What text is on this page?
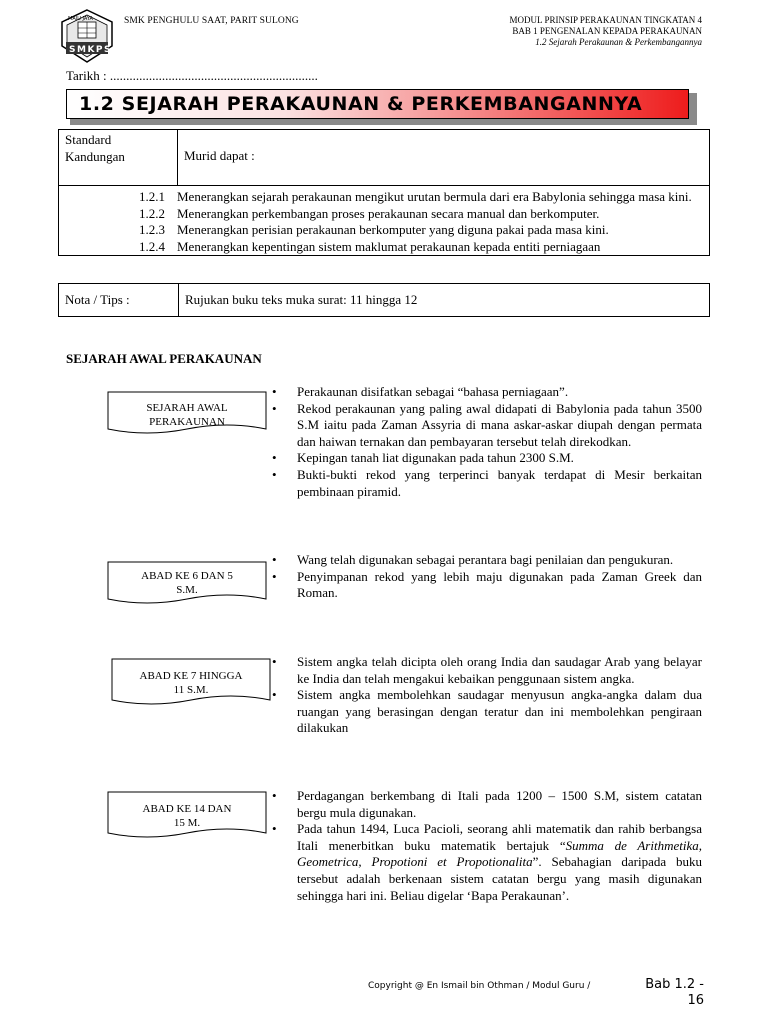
MAJU JAYA
SMKPS
SMK PENGHULU SAAT, PARIT SULONG	MODUL PRINSIP PERAKAUNAN TINGKATAN 4
BAB 1 PENGENALAN KEPADA PERAKAUNAN
1.2 Sejarah Perakaunan & Perkembangannya
Tarikh : ................................................................
1.2 SEJARAH PERAKAUNAN & PERKEMBANGANNYA
Standard Kandungan	Murid dapat :

1.2.1 Menerangkan sejarah perakaunan mengikut urutan bermula dari era Babylonia sehingga masa kini.
1.2.2 Menerangkan perkembangan proses perakaunan secara manual dan berkomputer.
1.2.3 Menerangkan perisian perakaunan berkomputer yang diguna pakai pada masa kini.
1.2.4 Menerangkan kepentingan sistem maklumat perakaunan kepada entiti perniagaan
Nota / Tips :	Rujukan buku teks muka surat: 11 hingga 12
SEJARAH AWAL PERAKAUNAN
SEJARAH AWAL
PERAKAUNAN
• Perakaunan disifatkan sebagai “bahasa perniagaan”.
• Rekod perakaunan yang paling awal didapati di Babylonia pada tahun 3500 S.M iaitu pada Zaman Assyria di mana askar-askar diupah dengan permata dan haiwan ternakan dan pembayaran tersebut telah direkodkan.
• Kepingan tanah liat digunakan pada tahun 2300 S.M.
• Bukti-bukti rekod yang terperinci banyak terdapat di Mesir berkaitan pembinaan piramid.
ABAD KE 6 DAN 5
S.M.
• Wang telah digunakan sebagai perantara bagi penilaian dan pengukuran.
• Penyimpanan rekod yang lebih maju digunakan pada Zaman Greek dan Roman.
ABAD KE 7 HINGGA
11 S.M.
• Sistem angka telah dicipta oleh orang India dan saudagar Arab yang belayar ke India dan telah mengakui kebaikan penggunaan sistem angka.
• Sistem angka membolehkan saudagar menyusun angka-angka dalam dua ruangan yang berasingan dengan teratur dan ini membolehkan pengiraan dilakukan
ABAD KE 14 DAN
15 M.
• Perdagangan berkembang di Itali pada 1200 – 1500 S.M, sistem catatan bergu mula digunakan.
• Pada tahun 1494, Luca Pacioli, seorang ahli matematik dan rahib berbangsa Itali menerbitkan buku matematik bertajuk “Summa de Arithmetika, Geometrica, Propotioni et Propotionalita”. Sebahagian daripada buku tersebut adalah berkenaan sistem catatan bergu yang masih digunakan sehingga hari ini. Beliau digelar ‘Bapa Perakaunan’.
Copyright @ En Ismail bin Othman / Modul Guru /	Bab 1.2 - 16
